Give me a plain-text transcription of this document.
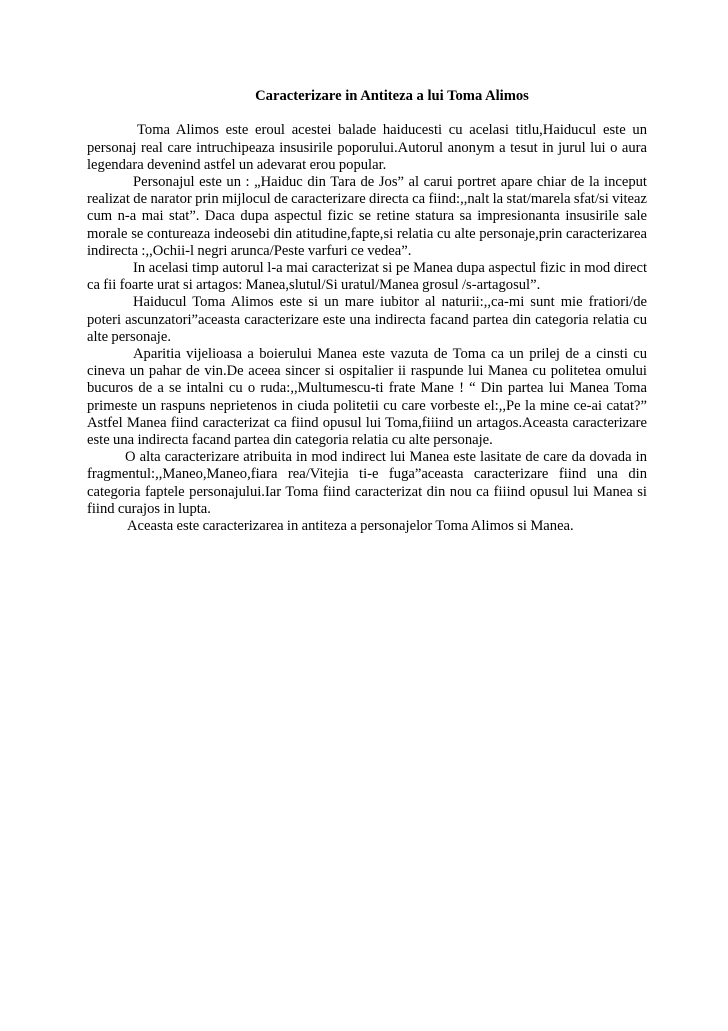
Caracterizare in Antiteza a lui Toma Alimos

Toma Alimos este eroul acestei balade haiducesti cu acelasi titlu,Haiducul este un personaj real care intruchipeaza insusirile poporului.Autorul anonym a tesut in jurul lui o aura legendara devenind astfel un adevarat erou popular.

Personajul este un : „Haiduc din Tara de Jos” al carui portret apare chiar de la inceput realizat de narator prin mijlocul de caracterizare directa ca fiind:,,nalt la stat/marela sfat/si viteaz cum n-a mai stat”. Daca dupa aspectul fizic se retine statura sa impresionanta insusirile sale morale se contureaza indeosebi din atitudine,fapte,si relatia cu alte personaje,prin caracterizarea indirecta :,,Ochii-l negri arunca/Peste varfuri ce vedea”.

In acelasi timp autorul l-a mai caracterizat si pe Manea dupa aspectul fizic in mod direct ca fii foarte urat si artagos: Manea,slutul/Si uratul/Manea grosul /s-artagosul”.

Haiducul Toma Alimos este si un mare iubitor al naturii:,,ca-mi sunt mie fratiori/de poteri ascunzatori”aceasta caracterizare este una indirecta facand partea din categoria relatia cu alte personaje.

Aparitia vijelioasa a boierului Manea este vazuta de Toma ca un prilej de a cinsti cu cineva un pahar de vin.De aceea sincer si ospitalier ii raspunde lui Manea cu politetea omului bucuros de a se intalni cu o ruda:,,Multumescu-ti frate Mane ! “ Din partea lui Manea Toma primeste un raspuns neprietenos in ciuda politetii cu care vorbeste el:,,Pe la mine ce-ai catat?” Astfel Manea fiind caracterizat ca fiind opusul lui Toma,fiiind un artagos.Aceasta caracterizare este una indirecta facand partea din categoria relatia cu alte personaje.

O alta caracterizare atribuita in mod indirect lui Manea este lasitate de care da dovada in fragmentul:,,Maneo,Maneo,fiara rea/Vitejia ti-e fuga”aceasta caracterizare fiind una din categoria faptele personajului.Iar Toma fiind caracterizat din nou ca fiiind opusul lui Manea si fiind curajos in lupta.

Aceasta este caracterizarea in antiteza a personajelor Toma Alimos si Manea.
